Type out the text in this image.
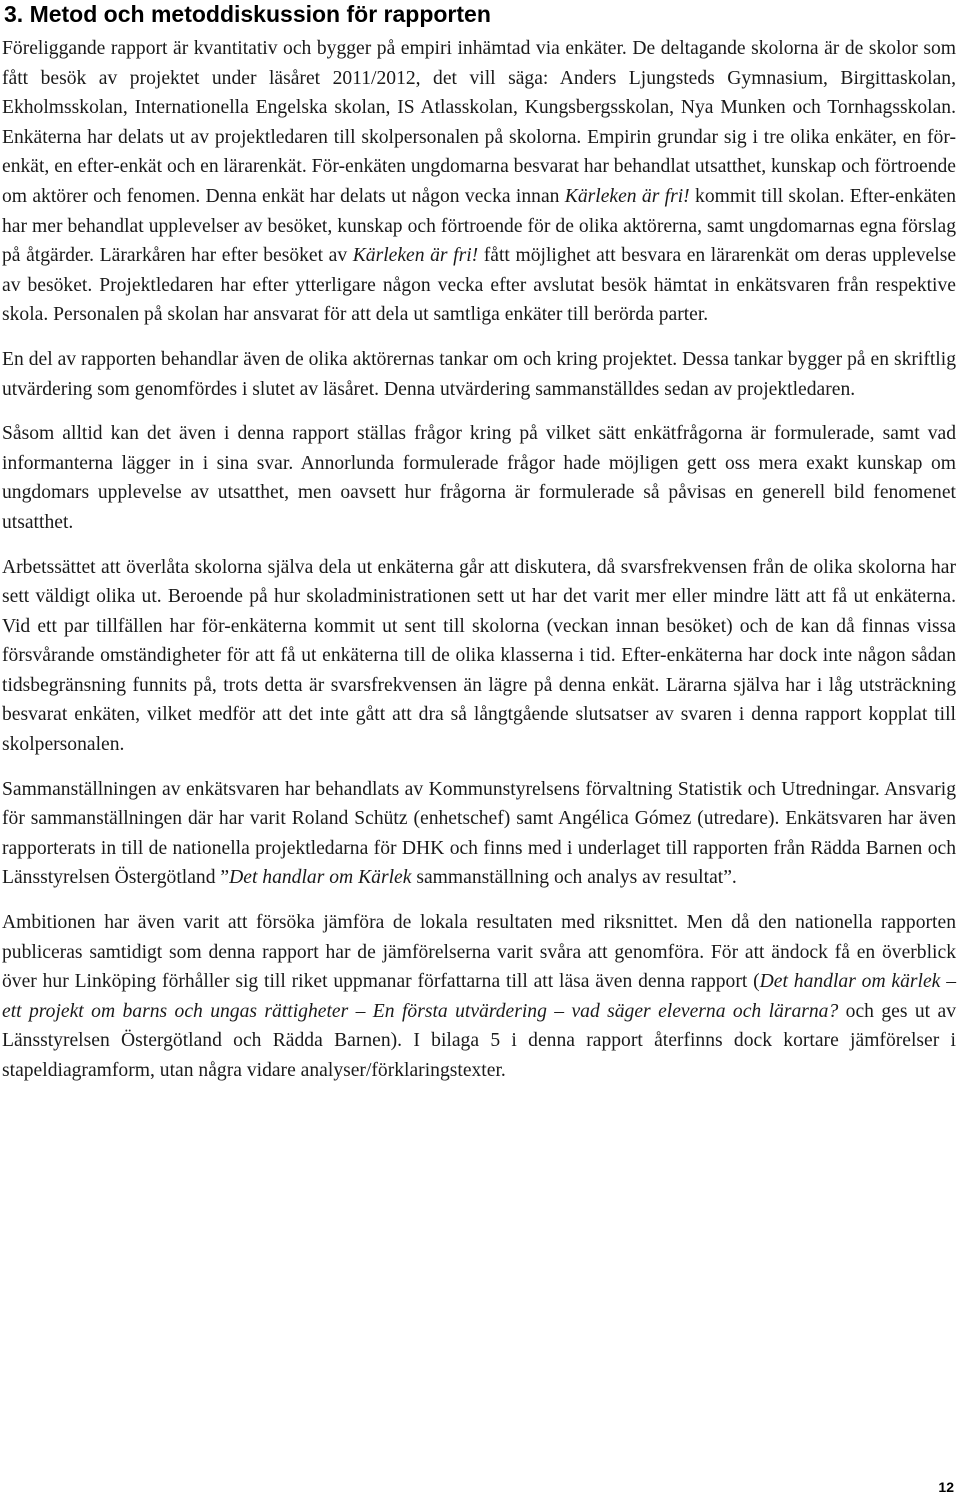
3. Metod och metoddiskussion för rapporten

Föreliggande rapport är kvantitativ och bygger på empiri inhämtad via enkäter. De deltagande skolorna är de skolor som fått besök av projektet under läsåret 2011/2012, det vill säga: Anders Ljungsteds Gymnasium, Birgittaskolan, Ekholmsskolan, Internationella Engelska skolan, IS Atlasskolan, Kungsbergsskolan, Nya Munken och Tornhagsskolan. Enkäterna har delats ut av projektledaren till skolpersonalen på skolorna. Empirin grundar sig i tre olika enkäter, en för-enkät, en efter-enkät och en lärarenkät. För-enkäten ungdomarna besvarat har behandlat utsatthet, kunskap och förtroende om aktörer och fenomen. Denna enkät har delats ut någon vecka innan Kärleken är fri! kommit till skolan. Efter-enkäten har mer behandlat upplevelser av besöket, kunskap och förtroende för de olika aktörerna, samt ungdomarnas egna förslag på åtgärder. Lärarkåren har efter besöket av Kärleken är fri! fått möjlighet att besvara en lärarenkät om deras upplevelse av besöket. Projektledaren har efter ytterligare någon vecka efter avslutat besök hämtat in enkätsvaren från respektive skola. Personalen på skolan har ansvarat för att dela ut samtliga enkäter till berörda parter.

En del av rapporten behandlar även de olika aktörernas tankar om och kring projektet. Dessa tankar bygger på en skriftlig utvärdering som genomfördes i slutet av läsåret. Denna utvärdering sammanställdes sedan av projektledaren.

Såsom alltid kan det även i denna rapport ställas frågor kring på vilket sätt enkätfrågorna är formulerade, samt vad informanterna lägger in i sina svar. Annorlunda formulerade frågor hade möjligen gett oss mera exakt kunskap om ungdomars upplevelse av utsatthet, men oavsett hur frågorna är formulerade så påvisas en generell bild fenomenet utsatthet.

Arbetssättet att överlåta skolorna själva dela ut enkäterna går att diskutera, då svarsfrekvensen från de olika skolorna har sett väldigt olika ut. Beroende på hur skoladministrationen sett ut har det varit mer eller mindre lätt att få ut enkäterna. Vid ett par tillfällen har för-enkäterna kommit ut sent till skolorna (veckan innan besöket) och de kan då finnas vissa försvårande omständigheter för att få ut enkäterna till de olika klasserna i tid. Efter-enkäterna har dock inte någon sådan tidsbegränsning funnits på, trots detta är svarsfrekvensen än lägre på denna enkät. Lärarna själva har i låg utsträckning besvarat enkäten, vilket medför att det inte gått att dra så långtgående slutsatser av svaren i denna rapport kopplat till skolpersonalen.

Sammanställningen av enkätsvaren har behandlats av Kommunstyrelsens förvaltning Statistik och Utredningar. Ansvarig för sammanställningen där har varit Roland Schütz (enhetschef) samt Angélica Gómez (utredare). Enkätsvaren har även rapporterats in till de nationella projektledarna för DHK och finns med i underlaget till rapporten från Rädda Barnen och Länsstyrelsen Östergötland ”Det handlar om Kärlek sammanställning och analys av resultat”.

Ambitionen har även varit att försöka jämföra de lokala resultaten med riksnittet. Men då den nationella rapporten publiceras samtidigt som denna rapport har de jämförelserna varit svåra att genomföra. För att ändock få en överblick över hur Linköping förhåller sig till riket uppmanar författarna till att läsa även denna rapport (Det handlar om kärlek – ett projekt om barns och ungas rättigheter – En första utvärdering – vad säger eleverna och lärarna? och ges ut av Länsstyrelsen Östergötland och Rädda Barnen). I bilaga 5 i denna rapport återfinns dock kortare jämförelser i stapeldiagramform, utan några vidare analyser/förklaringstexter.

12
